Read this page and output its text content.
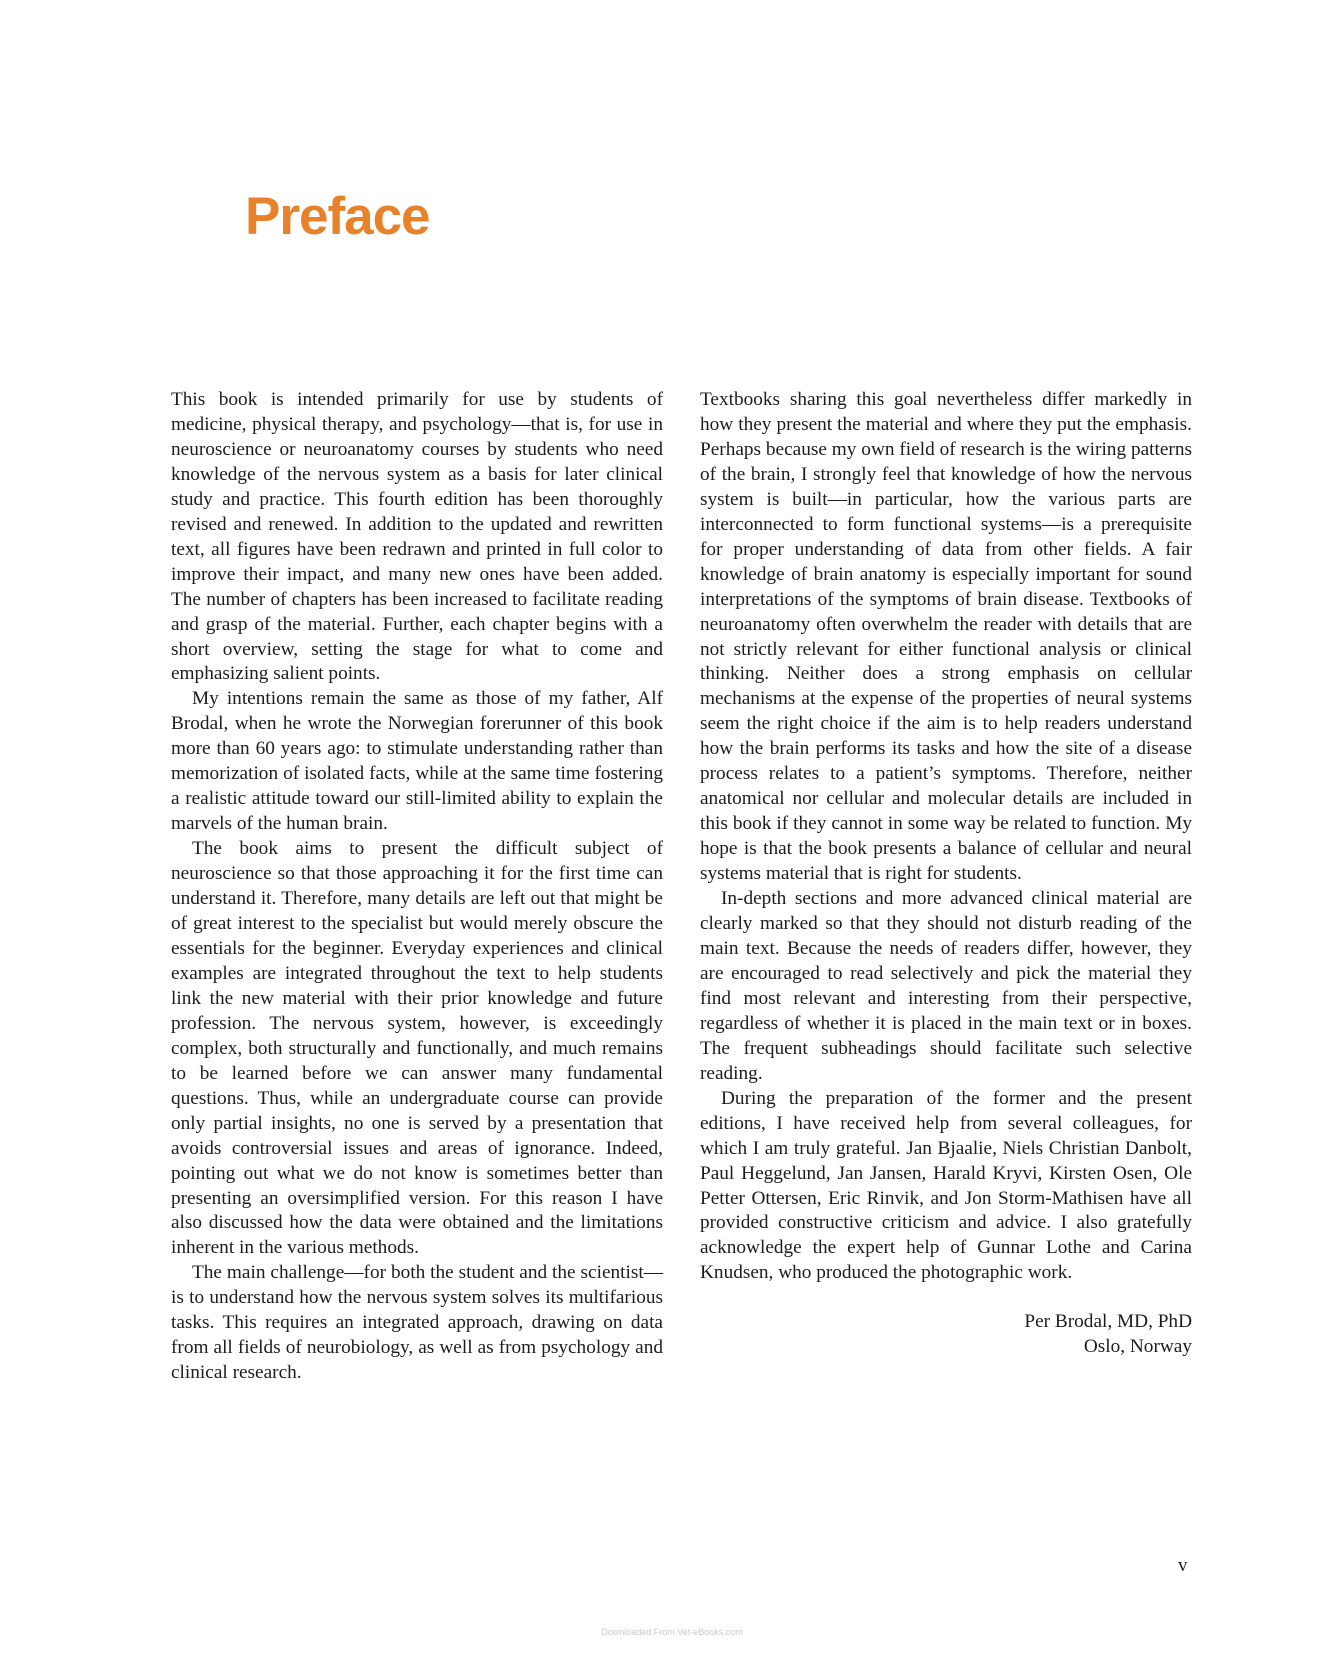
Preface

This book is intended primarily for use by students of medicine, physical therapy, and psychology—that is, for use in neuroscience or neuroanatomy courses by students who need knowledge of the nervous system as a basis for later clinical study and practice. This fourth edition has been thoroughly revised and renewed. In addition to the updated and rewritten text, all figures have been redrawn and printed in full color to improve their impact, and many new ones have been added. The number of chapters has been increased to facilitate reading and grasp of the material. Further, each chapter begins with a short overview, setting the stage for what to come and emphasizing salient points.

My intentions remain the same as those of my father, Alf Brodal, when he wrote the Norwegian forerunner of this book more than 60 years ago: to stimulate understanding rather than memorization of isolated facts, while at the same time fostering a realistic attitude toward our still-limited ability to explain the marvels of the human brain.

The book aims to present the difficult subject of neuroscience so that those approaching it for the first time can understand it. Therefore, many details are left out that might be of great interest to the specialist but would merely obscure the essentials for the beginner. Everyday experiences and clinical examples are integrated throughout the text to help students link the new material with their prior knowledge and future profession. The nervous system, however, is exceedingly complex, both structurally and functionally, and much remains to be learned before we can answer many fundamental questions. Thus, while an undergraduate course can provide only partial insights, no one is served by a presentation that avoids controversial issues and areas of ignorance. Indeed, pointing out what we do not know is sometimes better than presenting an oversimplified version. For this reason I have also discussed how the data were obtained and the limitations inherent in the various methods.

The main challenge—for both the student and the scientist—is to understand how the nervous system solves its multifarious tasks. This requires an integrated approach, drawing on data from all fields of neurobiology, as well as from psychology and clinical research.

Textbooks sharing this goal nevertheless differ markedly in how they present the material and where they put the emphasis. Perhaps because my own field of research is the wiring patterns of the brain, I strongly feel that knowledge of how the nervous system is built—in particular, how the various parts are interconnected to form functional systems—is a prerequisite for proper understanding of data from other fields. A fair knowledge of brain anatomy is especially important for sound interpretations of the symptoms of brain disease. Textbooks of neuroanatomy often overwhelm the reader with details that are not strictly relevant for either functional analysis or clinical thinking. Neither does a strong emphasis on cellular mechanisms at the expense of the properties of neural systems seem the right choice if the aim is to help readers understand how the brain performs its tasks and how the site of a disease process relates to a patient’s symptoms. Therefore, neither anatomical nor cellular and molecular details are included in this book if they cannot in some way be related to function. My hope is that the book presents a balance of cellular and neural systems material that is right for students.

In-depth sections and more advanced clinical material are clearly marked so that they should not disturb reading of the main text. Because the needs of readers differ, however, they are encouraged to read selectively and pick the material they find most relevant and interesting from their perspective, regardless of whether it is placed in the main text or in boxes. The frequent subheadings should facilitate such selective reading.

During the preparation of the former and the present editions, I have received help from several colleagues, for which I am truly grateful. Jan Bjaalie, Niels Christian Danbolt, Paul Heggelund, Jan Jansen, Harald Kryvi, Kirsten Osen, Ole Petter Ottersen, Eric Rinvik, and Jon Storm-Mathisen have all provided constructive criticism and advice. I also gratefully acknowledge the expert help of Gunnar Lothe and Carina Knudsen, who produced the photographic work.

Per Brodal, MD, PhD
Oslo, Norway
v
Downloaded From Vet-eBooks.com
